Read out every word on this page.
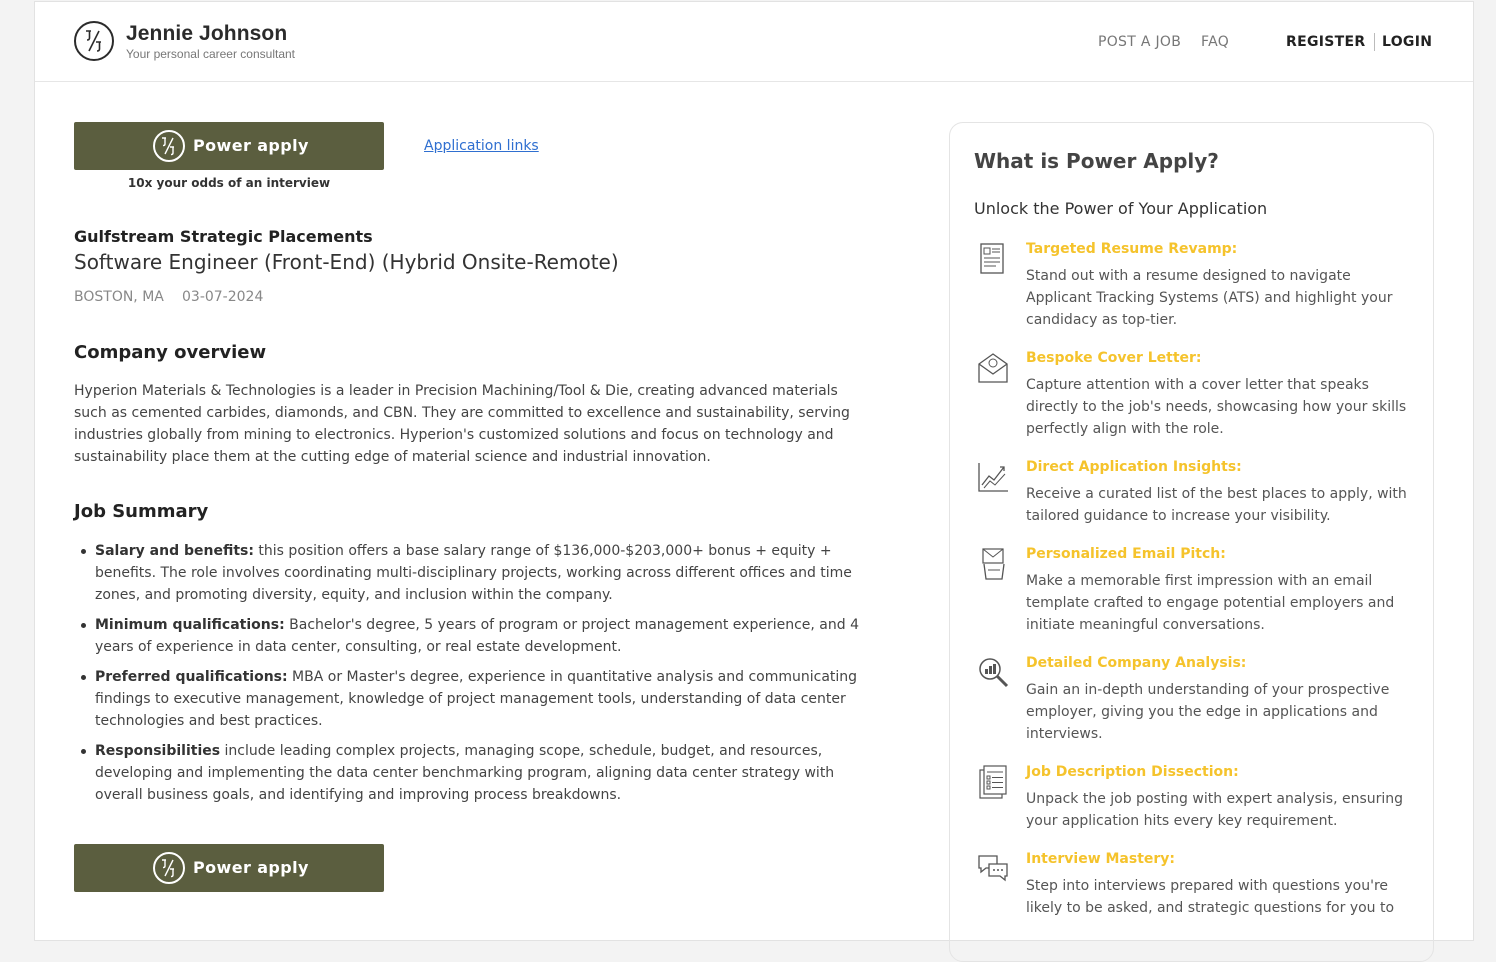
Jennie Johnson
Your personal career consultant
POST A JOB FAQ	REGISTER LOGIN
Power apply
10x your odds of an interview
Application links
Gulfstream Strategic Placements
Software Engineer (Front-End) (Hybrid Onsite-Remote)
BOSTON, MA 03-07-2024
Company overview
Hyperion Materials & Technologies is a leader in Precision Machining/Tool & Die, creating advanced materials such as cemented carbides, diamonds, and CBN. They are committed to excellence and sustainability, serving industries globally from mining to electronics. Hyperion's customized solutions and focus on technology and sustainability place them at the cutting edge of material science and industrial innovation.
Job Summary
Salary and benefits: this position offers a base salary range of $136,000-$203,000+ bonus + equity + benefits. The role involves coordinating multi-disciplinary projects, working across different offices and time zones, and promoting diversity, equity, and inclusion within the company.
Minimum qualifications: Bachelor's degree, 5 years of program or project management experience, and 4 years of experience in data center, consulting, or real estate development.
Preferred qualifications: MBA or Master's degree, experience in quantitative analysis and communicating findings to executive management, knowledge of project management tools, understanding of data center technologies and best practices.
Responsibilities include leading complex projects, managing scope, schedule, budget, and resources, developing and implementing the data center benchmarking program, aligning data center strategy with overall business goals, and identifying and improving process breakdowns.
Power apply
What is Power Apply?
Unlock the Power of Your Application
Targeted Resume Revamp:
Stand out with a resume designed to navigate Applicant Tracking Systems (ATS) and highlight your candidacy as top-tier.
Bespoke Cover Letter:
Capture attention with a cover letter that speaks directly to the job's needs, showcasing how your skills perfectly align with the role.
Direct Application Insights:
Receive a curated list of the best places to apply, with tailored guidance to increase your visibility.
Personalized Email Pitch:
Make a memorable first impression with an email template crafted to engage potential employers and initiate meaningful conversations.
Detailed Company Analysis:
Gain an in-depth understanding of your prospective employer, giving you the edge in applications and interviews.
Job Description Dissection:
Unpack the job posting with expert analysis, ensuring your application hits every key requirement.
Interview Mastery:
Step into interviews prepared with questions you're likely to be asked, and strategic questions for you to
